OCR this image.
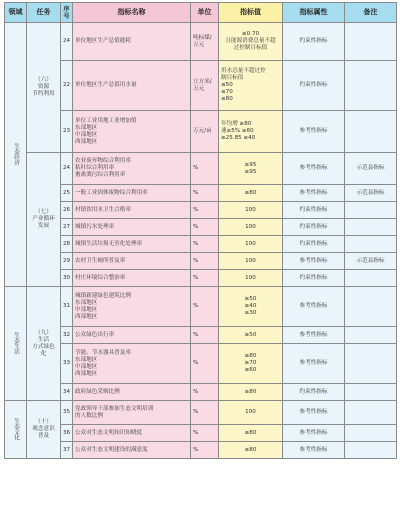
领域	任务	序号	指标名称	单位	指标值	指标属性	备注
生态经济	（六）
资源
节约利用	24	单位地区生产总值能耗	吨标煤/万元	≤0.70
且能源消费总量不超
过控制目标值	约束性指标	
		22	单位地区生产总值用水量	立方米/
万元	用水总量不超过控
制目标值
≤50
≤70
≤80	约束性指标	
		23	单位工业用地工业增加值
东部地区
中部地区
西部地区	万元/亩	年均增 ≥80
速≥5% ≥60
≥25.85 ≥40	参考性指标	
	（七）
产业循环
发展	24	农业废弃物综合利用率
秸秆综合利用率
畜禽粪污综合利用率	%	≥95
≥95	参考性指标	示范县指标
		25	一般工业固体废物综合利用率	%	≥80	参考性指标	示范县指标
		26	村镇饮用水卫生合格率	%	100	约束性指标	
		27	城镇污水处理率	%	100	约束性指标	
		28	城镇生活垃圾无害化处理率	%	100	约束性指标	
		29	农村卫生厕所普及率	%	100	参考性指标	示范县指标
		30	村庄环境综合整治率	%	100	约束性指标	
生态生活	（九）
生活
方式绿色
化	31	城镇新建绿色建筑比例
东部地区
中部地区
西部地区	%	≥50
≥40
≥30	参考性指标	
		32	公众绿色出行率	%	≥50	参考性指标	
		33	节能、节水器具普及率
东部地区
中部地区
西部地区	%	≥80
≥70
≥60	参考性指标	
		34	政府绿色采购比例	%	≥80	约束性指标	
生态文化	（十）
观念意识
普及	35	党政领导干部参加生态文明培训
的人数比例	%	100	参考性指标	
		36	公众对生态文明知识知晓度	%	≥80	参考性指标	
		37	公众对生态文明建设的满意度	%	≥80	参考性指标	
